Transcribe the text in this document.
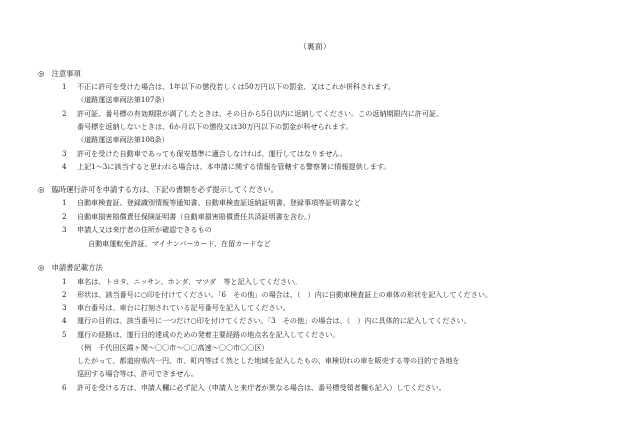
（裏面）
◎　注意事項
1 不正に許可を受けた場合は、1年以下の懲役若しくは50万円以下の罰金、又はこれが併科されます。
（道路運送車両法第107条）
2 許可証、番号標の有効期限が満了したときは、その日から5日以内に返納してください。この返納期限内に許可証、
番号標を返納しないときは、6か月以下の懲役又は30万円以下の罰金が科せられます。
（道路運送車両法第108条）
3 許可を受けた自動車であっても保安基準に適合しなければ、運行してはなりません。
4 上記1～3に該当すると思われる場合は、本申請に関する情報を管轄する警察署に情報提供します。
◎　臨時運行許可を申請する方は、下記の書類を必ず提示してください。
1 自動車検査証、登録識別情報等通知書、自動車検査証返納証明書、登録事項等証明書など
2 自動車損害賠償責任保険証明書（自動車損害賠償責任共済証明書を含む。）
3 申請人又は来庁者の住所が確認できるもの
自動車運転免許証、マイナンバーカード、在留カードなど
◎　申請書記載方法
1 車名は、トヨタ、ニッサン、ホンダ、マツダ　等と記入してください。
2 形状は、該当番号に○印を付けてください。「6　その他」の場合は、（　）内に自動車検査証上の車体の形状を記入してください。
3 車台番号は、車台に打刻されている記号番号を記入してください。
4 運行の目的は、該当番号に一つだけ○印を付けてください。「3　その他」の場合は、（　）内に具体的に記入してください。
5 運行の経路は、運行目的達成のための発着主要経路の地点名を記入してください。
（例　千代田区霞ヶ関～〇〇市～〇〇高速～〇〇市〇〇区）
したがって、都道府県内一円、市、町内等ばく然とした地域を記入したもの、車検切れの車を販売する等の目的で各地を
巡回する場合等は、許可できません。
6 許可を受ける方は、申請人欄に必ず記入（申請人と来庁者が異なる場合は、番号標受領者欄も記入）してください。
